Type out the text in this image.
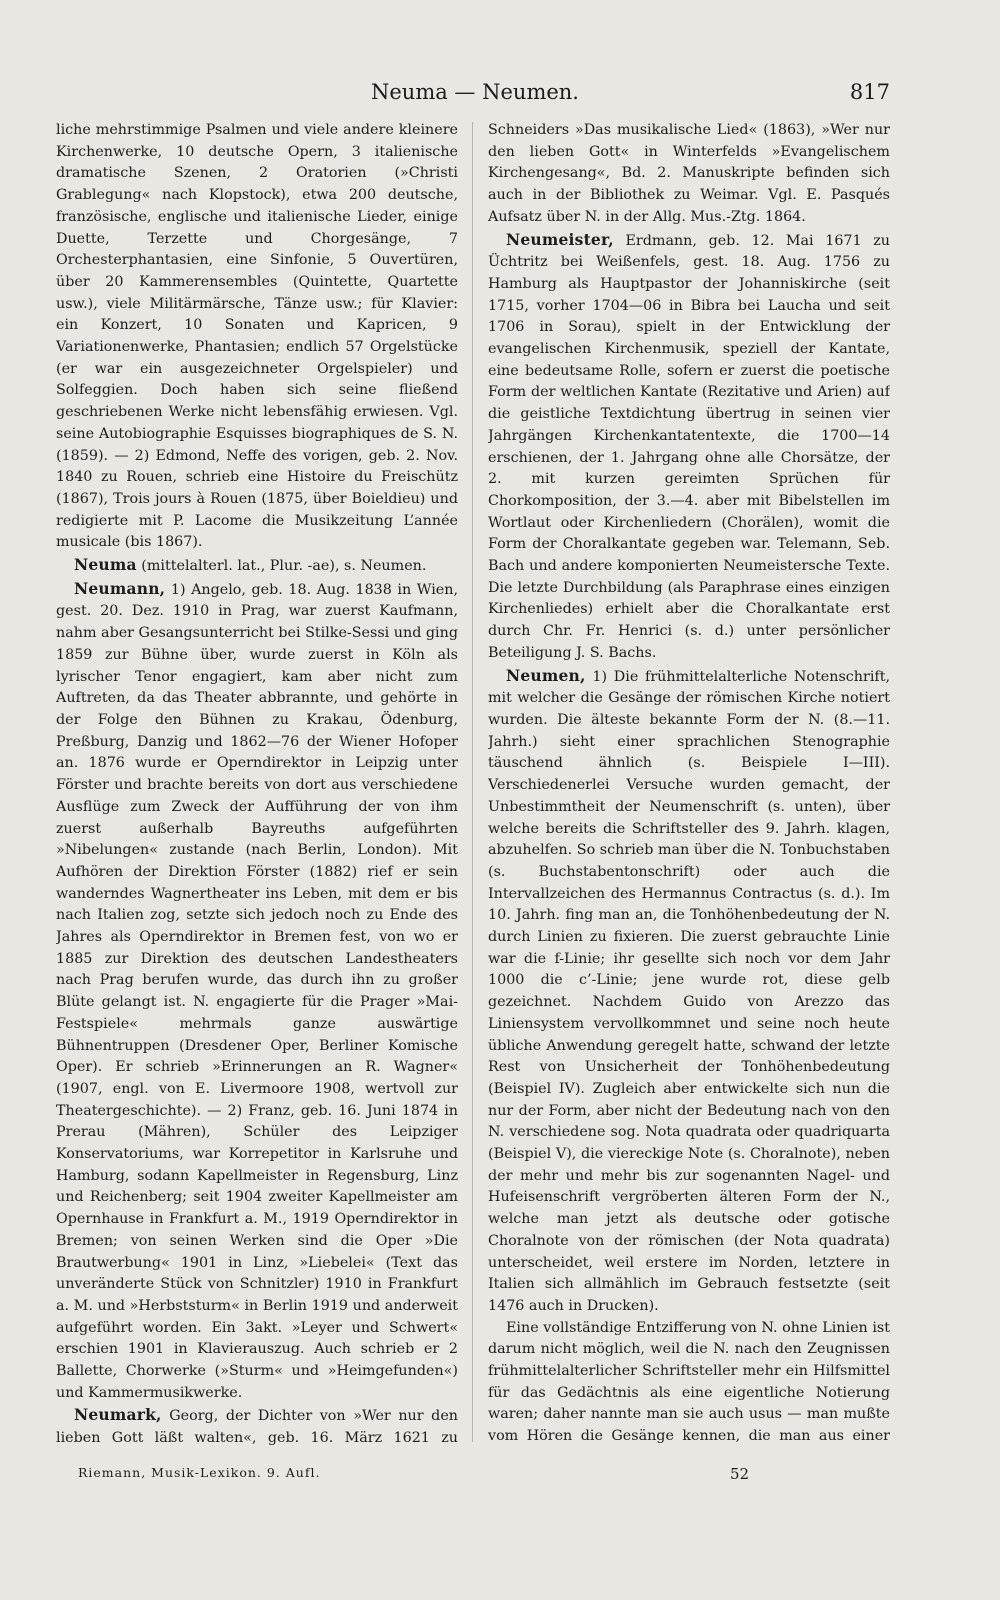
Neuma — Neumen.	817

liche mehrstimmige Psalmen und viele andere kleinere Kirchenwerke, 10 deutsche Opern, 3 italienische dramatische Szenen, 2 Oratorien (»Christi Grablegung« nach Klopstock), etwa 200 deutsche, französische, englische und italienische Lieder, einige Duette, Terzette und Chorgesänge, 7 Orchesterphantasien, eine Sinfonie, 5 Ouvertüren, über 20 Kammerensembles (Quintette, Quartette usw.), viele Militärmärsche, Tänze usw.; für Klavier: ein Konzert, 10 Sonaten und Kapricen, 9 Variationenwerke, Phantasien; endlich 57 Orgelstücke (er war ein ausgezeichneter Orgelspieler) und Solfeggien. Doch haben sich seine fließend geschriebenen Werke nicht lebensfähig erwiesen. Vgl. seine Autobiographie Esquisses biographiques de S. N. (1859). — 2) Edmond, Neffe des vorigen, geb. 2. Nov. 1840 zu Rouen, schrieb eine Histoire du Freischütz (1867), Trois jours à Rouen (1875, über Boieldieu) und redigierte mit P. Lacome die Musikzeitung L’année musicale (bis 1867).

Neuma (mittelalterl. lat., Plur. -ae), s. Neumen.

Neumann, 1) Angelo, geb. 18. Aug. 1838 in Wien, gest. 20. Dez. 1910 in Prag, war zuerst Kaufmann, nahm aber Gesangsunterricht bei Stilke-Sessi und ging 1859 zur Bühne über, wurde zuerst in Köln als lyrischer Tenor engagiert, kam aber nicht zum Auftreten, da das Theater abbrannte, und gehörte in der Folge den Bühnen zu Krakau, Ödenburg, Preßburg, Danzig und 1862—76 der Wiener Hofoper an. 1876 wurde er Operndirektor in Leipzig unter Förster und brachte bereits von dort aus verschiedene Ausflüge zum Zweck der Aufführung der von ihm zuerst außerhalb Bayreuths aufgeführten »Nibelungen« zustande (nach Berlin, London). Mit Aufhören der Direktion Förster (1882) rief er sein wanderndes Wagnertheater ins Leben, mit dem er bis nach Italien zog, setzte sich jedoch noch zu Ende des Jahres als Operndirektor in Bremen fest, von wo er 1885 zur Direktion des deutschen Landestheaters nach Prag berufen wurde, das durch ihn zu großer Blüte gelangt ist. N. engagierte für die Prager »Mai-Festspiele« mehrmals ganze auswärtige Bühnentruppen (Dresdener Oper, Berliner Komische Oper). Er schrieb »Erinnerungen an R. Wagner« (1907, engl. von E. Livermoore 1908, wertvoll zur Theatergeschichte). — 2) Franz, geb. 16. Juni 1874 in Prerau (Mähren), Schüler des Leipziger Konservatoriums, war Korrepetitor in Karlsruhe und Hamburg, sodann Kapellmeister in Regensburg, Linz und Reichenberg; seit 1904 zweiter Kapellmeister am Opernhause in Frankfurt a. M., 1919 Operndirektor in Bremen; von seinen Werken sind die Oper »Die Brautwerbung« 1901 in Linz, »Liebelei« (Text das unveränderte Stück von Schnitzler) 1910 in Frankfurt a. M. und »Herbststurm« in Berlin 1919 und anderweit aufgeführt worden. Ein 3akt. »Leyer und Schwert« erschien 1901 in Klavierauszug. Auch schrieb er 2 Ballette, Chorwerke (»Sturm« und »Heimgefunden«) und Kammermusikwerke.

Neumark, Georg, der Dichter von »Wer nur den lieben Gott läßt walten«, geb. 16. März 1621 zu

Schneiders »Das musikalische Lied« (1863), »Wer nur den lieben Gott« in Winterfelds »Evangelischem Kirchengesang«, Bd. 2. Manuskripte befinden sich auch in der Bibliothek zu Weimar. Vgl. E. Pasqués Aufsatz über N. in der Allg. Mus.-Ztg. 1864.

Neumeister, Erdmann, geb. 12. Mai 1671 zu Üchtritz bei Weißenfels, gest. 18. Aug. 1756 zu Hamburg als Hauptpastor der Johanniskirche (seit 1715, vorher 1704—06 in Bibra bei Laucha und seit 1706 in Sorau), spielt in der Entwicklung der evangelischen Kirchenmusik, speziell der Kantate, eine bedeutsame Rolle, sofern er zuerst die poetische Form der weltlichen Kantate (Rezitative und Arien) auf die geistliche Textdichtung übertrug in seinen vier Jahrgängen Kirchenkantatentexte, die 1700—14 erschienen, der 1. Jahrgang ohne alle Chorsätze, der 2. mit kurzen gereimten Sprüchen für Chorkomposition, der 3.—4. aber mit Bibelstellen im Wortlaut oder Kirchenliedern (Chorälen), womit die Form der Choralkantate gegeben war. Telemann, Seb. Bach und andere komponierten Neumeistersche Texte. Die letzte Durchbildung (als Paraphrase eines einzigen Kirchenliedes) erhielt aber die Choralkantate erst durch Chr. Fr. Henrici (s. d.) unter persönlicher Beteiligung J. S. Bachs.

Neumen, 1) Die frühmittelalterliche Notenschrift, mit welcher die Gesänge der römischen Kirche notiert wurden. Die älteste bekannte Form der N. (8.—11. Jahrh.) sieht einer sprachlichen Stenographie täuschend ähnlich (s. Beispiele I—III). Verschiedenerlei Versuche wurden gemacht, der Unbestimmtheit der Neumenschrift (s. unten), über welche bereits die Schriftsteller des 9. Jahrh. klagen, abzuhelfen. So schrieb man über die N. Tonbuchstaben (s. Buchstabentonschrift) oder auch die Intervallzeichen des Hermannus Contractus (s. d.). Im 10. Jahrh. fing man an, die Tonhöhenbedeutung der N. durch Linien zu fixieren. Die zuerst gebrauchte Linie war die f-Linie; ihr gesellte sich noch vor dem Jahr 1000 die c’-Linie; jene wurde rot, diese gelb gezeichnet. Nachdem Guido von Arezzo das Liniensystem vervollkommnet und seine noch heute übliche Anwendung geregelt hatte, schwand der letzte Rest von Unsicherheit der Tonhöhenbedeutung (Beispiel IV). Zugleich aber entwickelte sich nun die nur der Form, aber nicht der Bedeutung nach von den N. verschiedene sog. Nota quadrata oder quadriquarta (Beispiel V), die viereckige Note (s. Choralnote), neben der mehr und mehr bis zur sogenannten Nagel- und Hufeisenschrift vergröberten älteren Form der N., welche man jetzt als deutsche oder gotische Choralnote von der römischen (der Nota quadrata) unterscheidet, weil erstere im Norden, letztere in Italien sich allmählich im Gebrauch festsetzte (seit 1476 auch in Drucken).

Eine vollständige Entzifferung von N. ohne Linien ist darum nicht möglich, weil die N. nach den Zeugnissen frühmittelalterlicher Schriftsteller mehr ein Hilfsmittel für das Gedächtnis als eine eigentliche Notierung waren; daher nannte man sie auch usus — man mußte vom Hören die Gesänge kennen, die man aus einer

Riemann, Musik-Lexikon. 9. Aufl.	52
